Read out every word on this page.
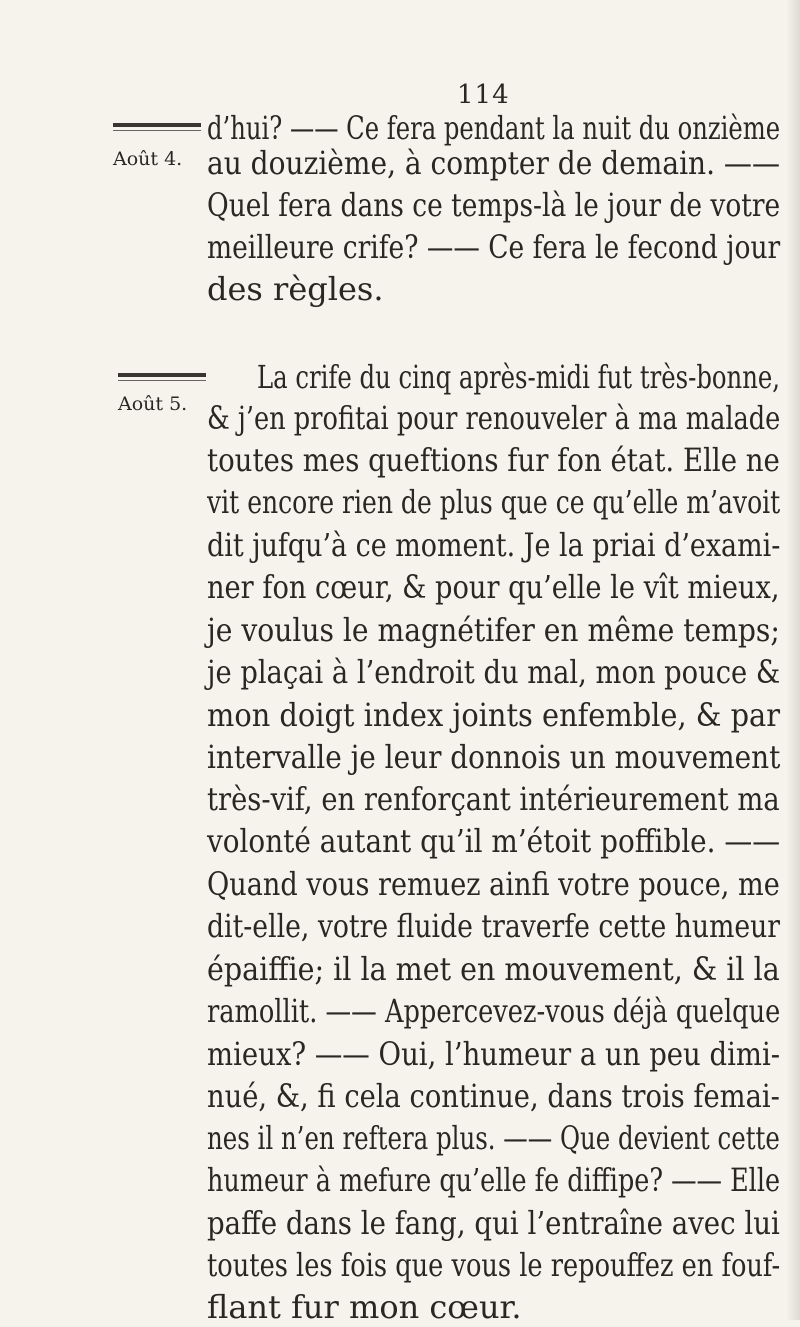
114
Août 4.
Août 5.
d’hui? —— Ce fera pendant la nuit du onzième
au douzième, à compter de demain. ——
Quel fera dans ce temps-là le jour de votre
meilleure crife? —— Ce fera le fecond jour
des règles.
La crife du cinq après-midi fut très-bonne,
& j’en profitai pour renouveler à ma malade
toutes mes queftions fur fon état. Elle ne
vit encore rien de plus que ce qu’elle m’avoit
dit jufqu’à ce moment. Je la priai d’exami-
ner fon cœur, & pour qu’elle le vît mieux,
je voulus le magnétifer en même temps;
je plaçai à l’endroit du mal, mon pouce &
mon doigt index joints enfemble, & par
intervalle je leur donnois un mouvement
très-vif, en renforçant intérieurement ma
volonté autant qu’il m’étoit poffible. ——
Quand vous remuez ainfi votre pouce, me
dit-elle, votre fluide traverfe cette humeur
épaiffie; il la met en mouvement, & il la
ramollit. —— Appercevez-vous déjà quelque
mieux? —— Oui, l’humeur a un peu dimi-
nué, &, fi cela continue, dans trois femai-
nes il n’en reftera plus. —— Que devient cette
humeur à mefure qu’elle fe diffipe? —— Elle
paffe dans le fang, qui l’entraîne avec lui
toutes les fois que vous le repouffez en fouf-
flant fur mon cœur.
